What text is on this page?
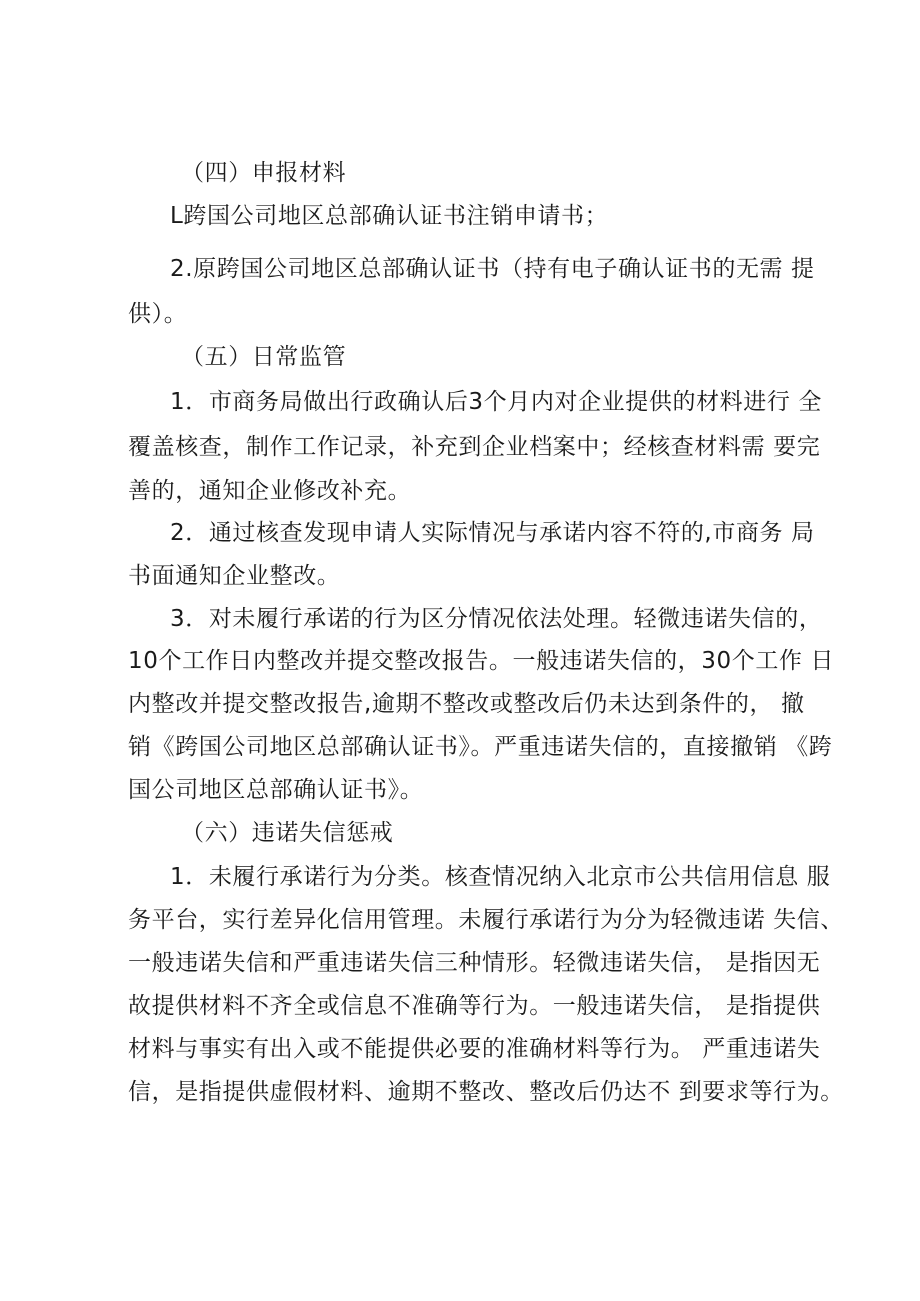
（四）申报材料
L跨国公司地区总部确认证书注销申请书；
2.原跨国公司地区总部确认证书（持有电子确认证书的无需 提
供）。
（五）日常监管
1．市商务局做出行政确认后3个月内对企业提供的材料进行 全
覆盖核查，制作工作记录，补充到企业档案中；经核查材料需 要完
善的，通知企业修改补充。
2．通过核查发现申请人实际情况与承诺内容不符的,市商务 局
书面通知企业整改。
3．对未履行承诺的行为区分情况依法处理。轻微违诺失信的，
10个工作日内整改并提交整改报告。一般违诺失信的，30个工作 日
内整改并提交整改报告,逾期不整改或整改后仍未达到条件的， 撤
销《跨国公司地区总部确认证书》。严重违诺失信的，直接撤销 《跨
国公司地区总部确认证书》。
（六）违诺失信惩戒
1．未履行承诺行为分类。核查情况纳入北京市公共信用信息 服
务平台，实行差异化信用管理。未履行承诺行为分为轻微违诺 失信、
一般违诺失信和严重违诺失信三种情形。轻微违诺失信， 是指因无
故提供材料不齐全或信息不准确等行为。一般违诺失信， 是指提供
材料与事实有出入或不能提供必要的准确材料等行为。 严重违诺失
信，是指提供虚假材料、逾期不整改、整改后仍达不 到要求等行为。
